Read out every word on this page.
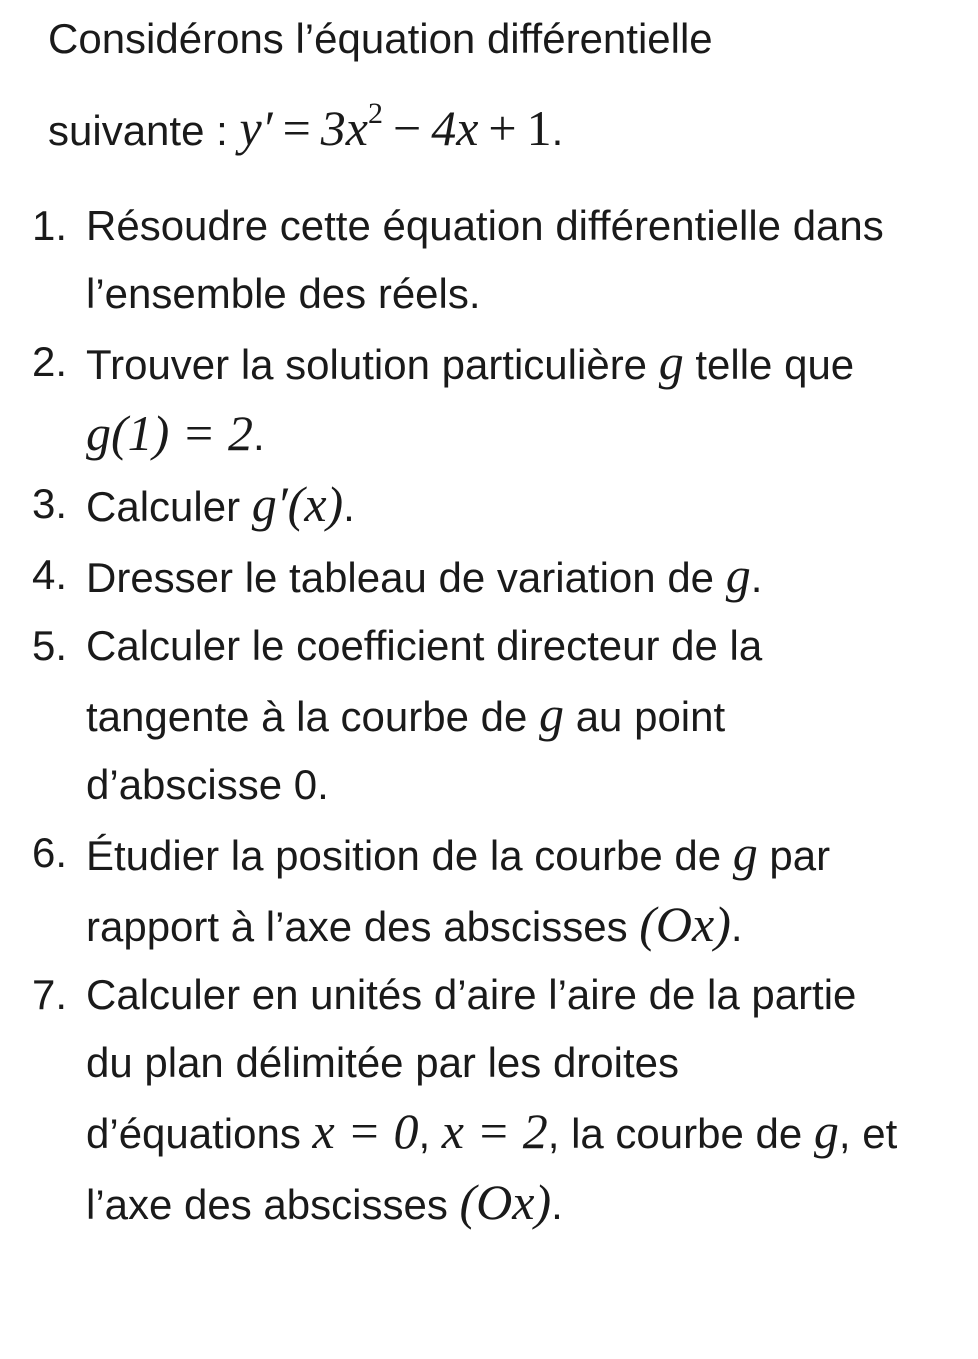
Considérons l’équation différentielle
suivante : $y' = 3x^2 - 4x + 1$.

1. Résoudre cette équation différentielle dans l’ensemble des réels.
2. Trouver la solution particulière g telle que g(1) = 2.
3. Calculer g′(x).
4. Dresser le tableau de variation de g.
5. Calculer le coefficient directeur de la tangente à la courbe de g au point d’abscisse 0.
6. Étudier la position de la courbe de g par rapport à l’axe des abscisses (Ox).
7. Calculer en unités d’aire l’aire de la partie du plan délimitée par les droites d’équations x = 0, x = 2, la courbe de g, et l’axe des abscisses (Ox).
